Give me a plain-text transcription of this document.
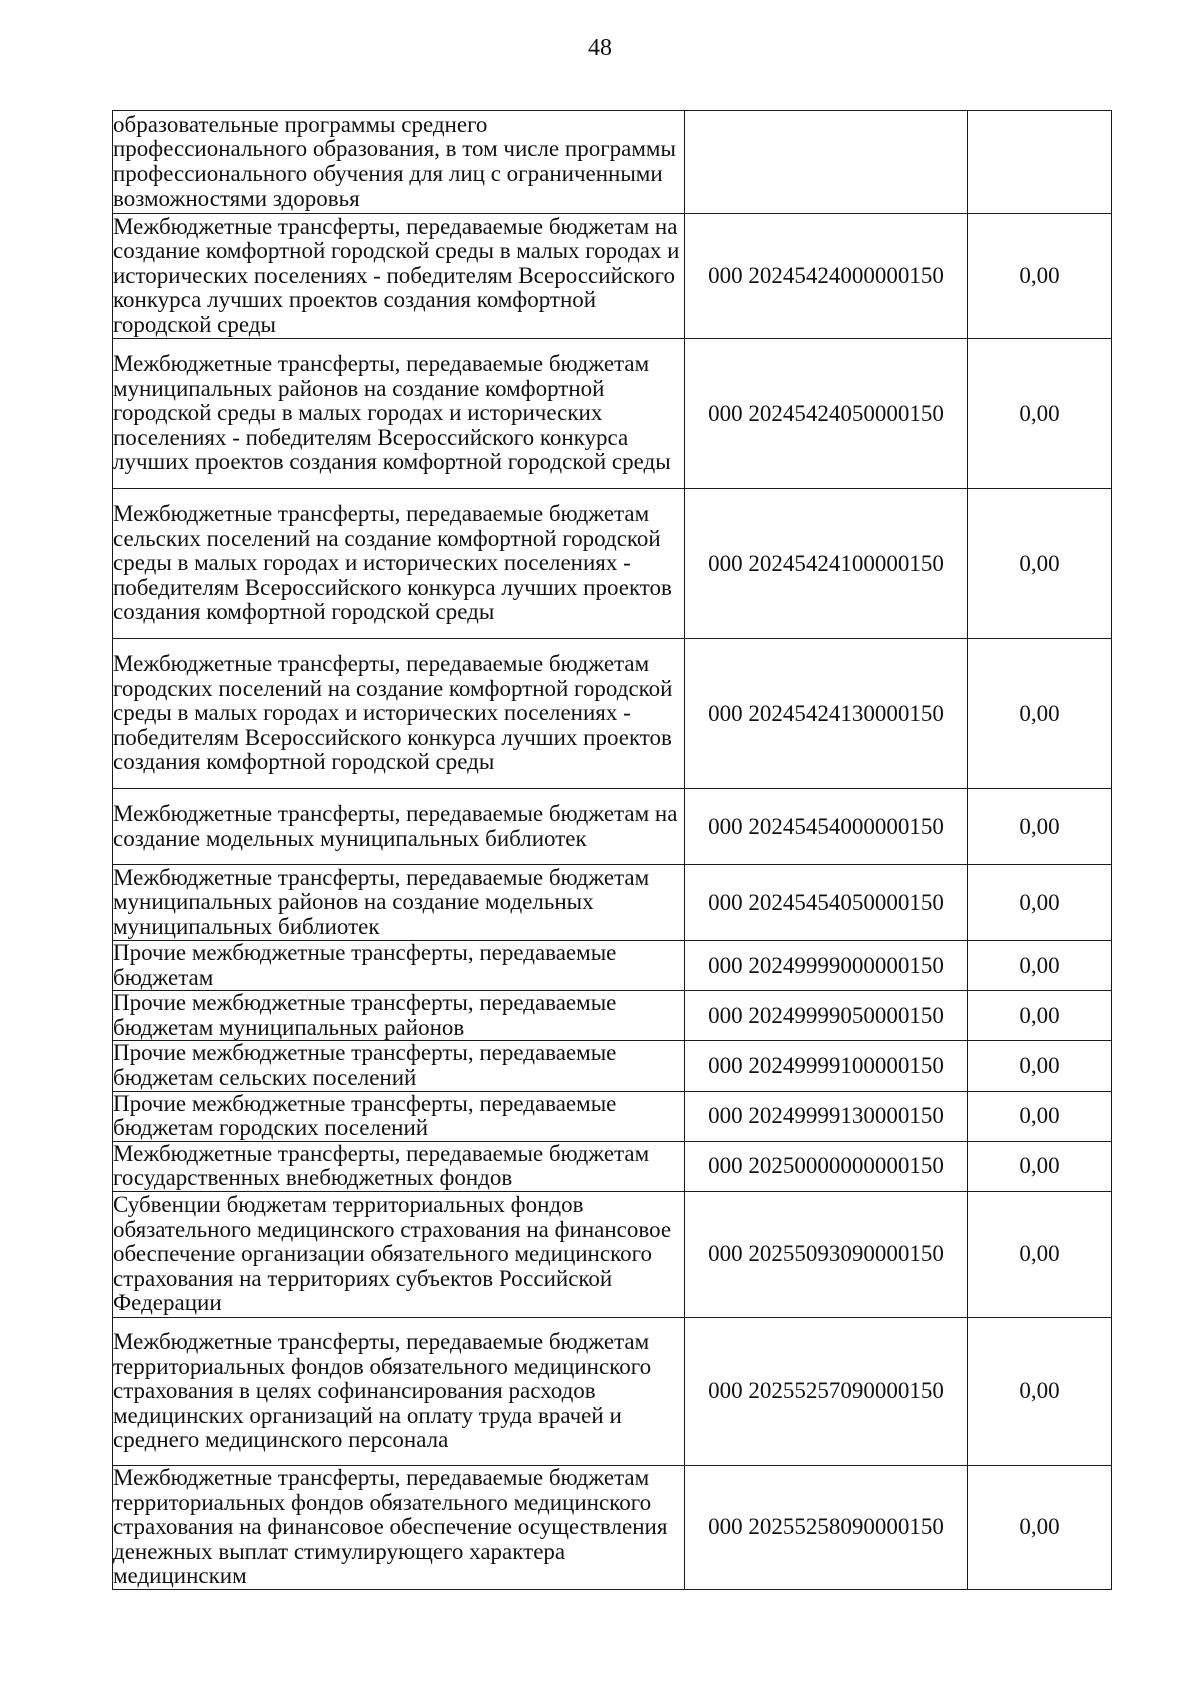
48
образовательные программы среднего профессионального образования, в том числе программы профессионального обучения для лиц с ограниченными возможностями здоровья		
Межбюджетные трансферты, передаваемые бюджетам на создание комфортной городской среды в малых городах и исторических поселениях - победителям Всероссийского конкурса лучших проектов создания комфортной городской среды	000 20245424000000150	0,00
Межбюджетные трансферты, передаваемые бюджетам муниципальных районов на создание комфортной городской среды в малых городах и исторических поселениях - победителям Всероссийского конкурса лучших проектов создания комфортной городской среды	000 20245424050000150	0,00
Межбюджетные трансферты, передаваемые бюджетам сельских поселений на создание комфортной городской среды в малых городах и исторических поселениях - победителям Всероссийского конкурса лучших проектов создания комфортной городской среды	000 20245424100000150	0,00
Межбюджетные трансферты, передаваемые бюджетам городских поселений на создание комфортной городской среды в малых городах и исторических поселениях - победителям Всероссийского конкурса лучших проектов создания комфортной городской среды	000 20245424130000150	0,00
Межбюджетные трансферты, передаваемые бюджетам на создание модельных муниципальных библиотек	000 20245454000000150	0,00
Межбюджетные трансферты, передаваемые бюджетам муниципальных районов на создание модельных муниципальных библиотек	000 20245454050000150	0,00
Прочие межбюджетные трансферты, передаваемые бюджетам	000 20249999000000150	0,00
Прочие межбюджетные трансферты, передаваемые бюджетам муниципальных районов	000 20249999050000150	0,00
Прочие межбюджетные трансферты, передаваемые бюджетам сельских поселений	000 20249999100000150	0,00
Прочие межбюджетные трансферты, передаваемые бюджетам городских поселений	000 20249999130000150	0,00
Межбюджетные трансферты, передаваемые бюджетам государственных внебюджетных фондов	000 20250000000000150	0,00
Субвенции бюджетам территориальных фондов обязательного медицинского страхования на финансовое обеспечение организации обязательного медицинского страхования на территориях субъектов Российской Федерации	000 20255093090000150	0,00
Межбюджетные трансферты, передаваемые бюджетам территориальных фондов обязательного медицинского страхования в целях софинансирования расходов медицинских организаций на оплату труда врачей и среднего медицинского персонала	000 20255257090000150	0,00
Межбюджетные трансферты, передаваемые бюджетам территориальных фондов обязательного медицинского страхования на финансовое обеспечение осуществления денежных выплат стимулирующего характера медицинским	000 20255258090000150	0,00
